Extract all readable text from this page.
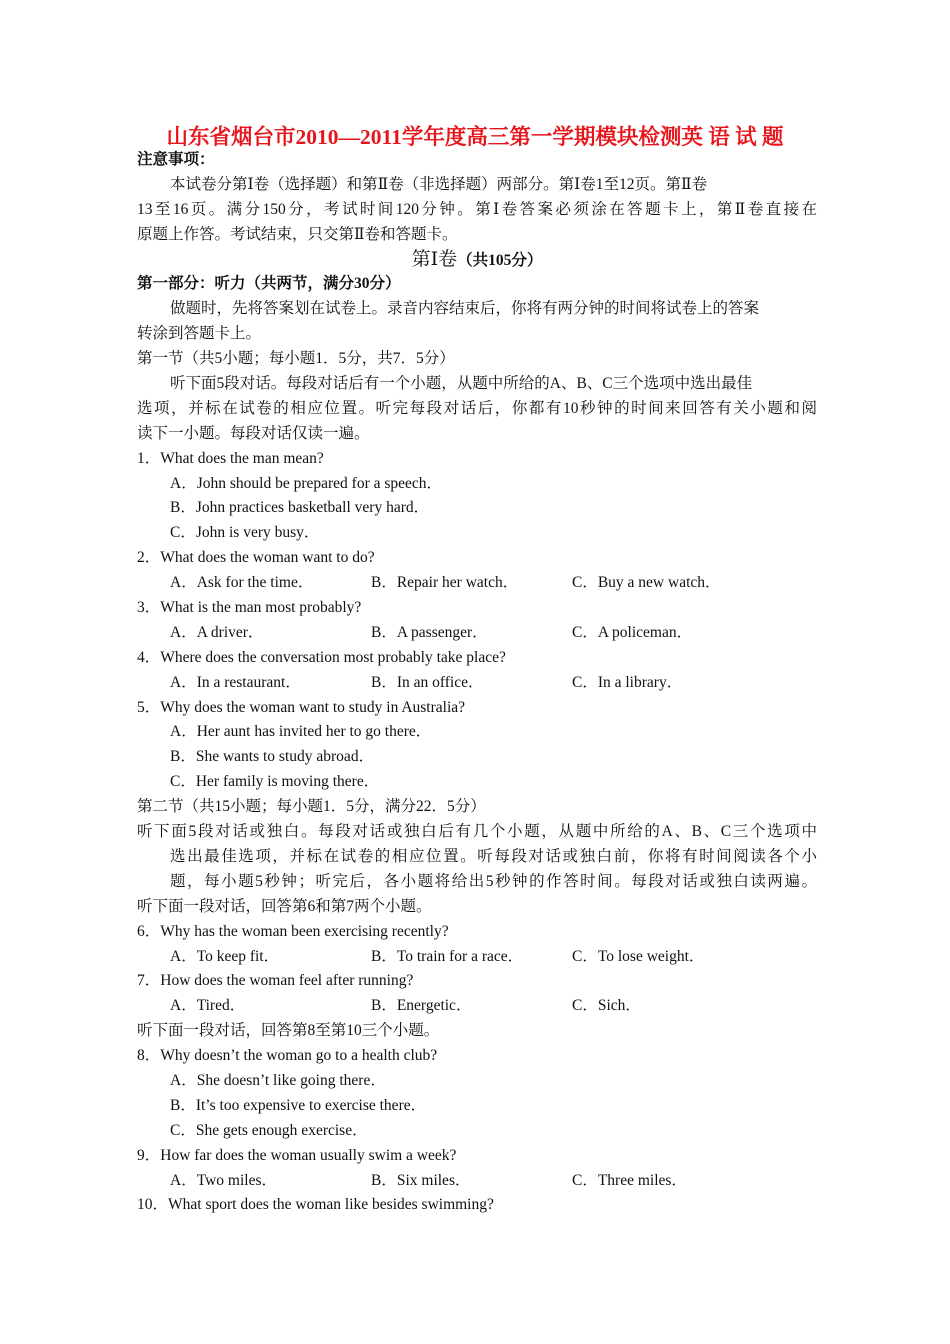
山东省烟台市2010—2011学年度高三第一学期模块检测英 语 试 题
注意事项：
本试卷分第Ⅰ卷（选择题）和第Ⅱ卷（非选择题）两部分。第Ⅰ卷1至12页。第Ⅱ卷
13至16页。满分150分，考试时间120分钟。第Ⅰ卷答案必须涂在答题卡上，第Ⅱ卷直接在
原题上作答。考试结束，只交第Ⅱ卷和答题卡。
第Ⅰ卷（共105分）
第一部分：听力（共两节，满分30分）
做题时，先将答案划在试卷上。录音内容结束后，你将有两分钟的时间将试卷上的答案
转涂到答题卡上。
第一节（共5小题；每小题1．5分，共7．5分）
听下面5段对话。每段对话后有一个小题，从题中所给的A、B、C三个选项中选出最佳
选项，并标在试卷的相应位置。听完每段对话后，你都有10秒钟的时间来回答有关小题和阅
读下一小题。每段对话仅读一遍。
1．What does the man mean?
A．John should be prepared for a speech．
B．John practices basketball very hard．
C．John is very busy．
2．What does the woman want to do?
A．Ask for the time．	B．Repair her watch．	C．Buy a new watch．
3．What is the man most probably?
A．A driver．	B．A passenger．	C．A policeman．
4．Where does the conversation most probably take place?
A．In a restaurant．	B．In an office．	C．In a library．
5．Why does the woman want to study in Australia?
A．Her aunt has invited her to go there．
B．She wants to study abroad．
C．Her family is moving there．
第二节（共15小题；每小题1．5分，满分22．5分）
听下面5段对话或独白。每段对话或独白后有几个小题，从题中所给的A、B、C三个选项中
选出最佳选项，并标在试卷的相应位置。听每段对话或独白前，你将有时间阅读各个小
题，每小题5秒钟；听完后，各小题将给出5秒钟的作答时间。每段对话或独白读两遍。
听下面一段对话，回答第6和第7两个小题。
6．Why has the woman been exercising recently?
A．To keep fit．	B．To train for a race．	C．To lose weight．
7．How does the woman feel after running?
A．Tired．	B．Energetic．	C．Sich．
听下面一段对话，回答第8至第10三个小题。
8．Why doesn’t the woman go to a health club?
A．She doesn’t like going there．
B．It’s too expensive to exercise there．
C．She gets enough exercise．
9．How far does the woman usually swim a week?
A．Two miles．	B．Six miles．	C．Three miles．
10．What sport does the woman like besides swimming?
